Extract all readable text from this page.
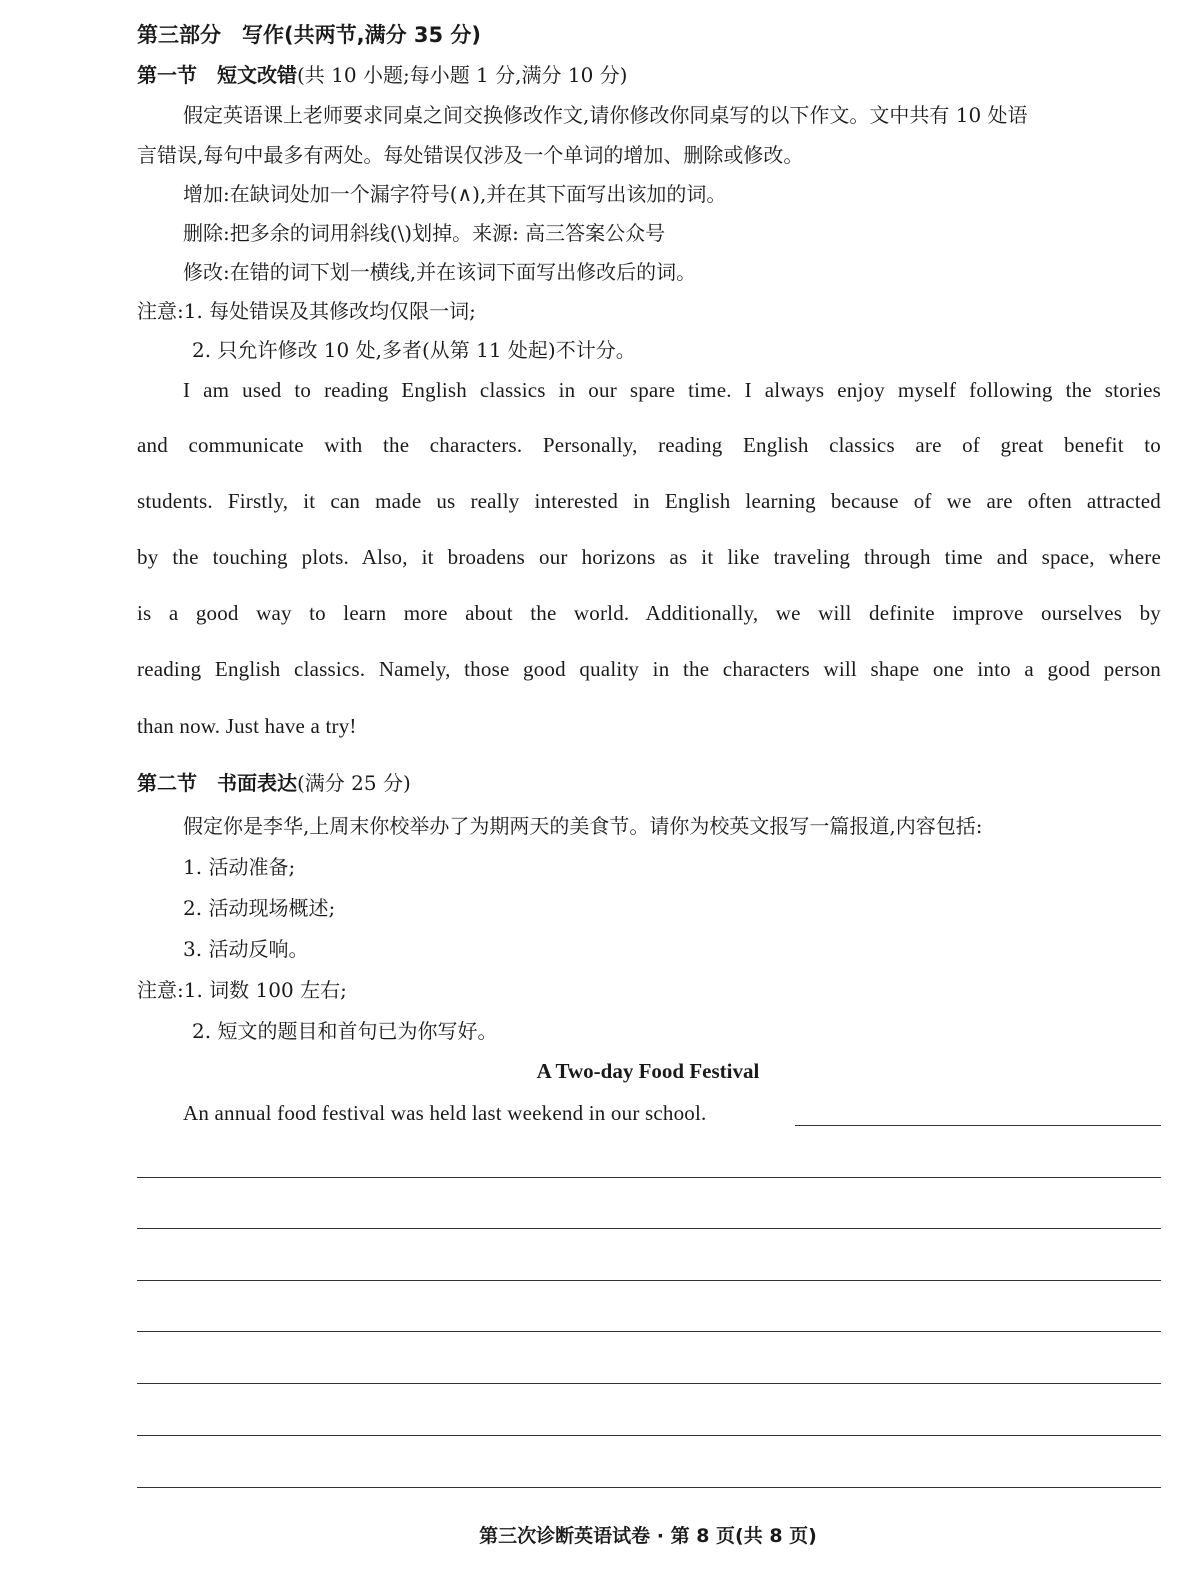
第三部分　写作(共两节,满分 35 分)
第一节　短文改错(共 10 小题;每小题 1 分,满分 10 分)
假定英语课上老师要求同桌之间交换修改作文,请你修改你同桌写的以下作文。文中共有 10 处语
言错误,每句中最多有两处。每处错误仅涉及一个单词的增加、删除或修改。
增加:在缺词处加一个漏字符号(∧),并在其下面写出该加的词。
删除:把多余的词用斜线(\)划掉。来源: 高三答案公众号
修改:在错的词下划一横线,并在该词下面写出修改后的词。
注意:1. 每处错误及其修改均仅限一词;
2. 只允许修改 10 处,多者(从第 11 处起)不计分。
I am used to reading English classics in our spare time. I always enjoy myself following the stories
and communicate with the characters. Personally, reading English classics are of great benefit to
students. Firstly, it can made us really interested in English learning because of we are often attracted
by the touching plots. Also, it broadens our horizons as it like traveling through time and space, where
is a good way to learn more about the world. Additionally, we will definite improve ourselves by
reading English classics. Namely, those good quality in the characters will shape one into a good person
than now. Just have a try!
第二节　书面表达(满分 25 分)
假定你是李华,上周末你校举办了为期两天的美食节。请你为校英文报写一篇报道,内容包括:
1. 活动准备;
2. 活动现场概述;
3. 活动反响。
注意:1. 词数 100 左右;
2. 短文的题目和首句已为你写好。
A Two-day Food Festival
An annual food festival was held last weekend in our school.
第三次诊断英语试卷 · 第 8 页(共 8 页)
